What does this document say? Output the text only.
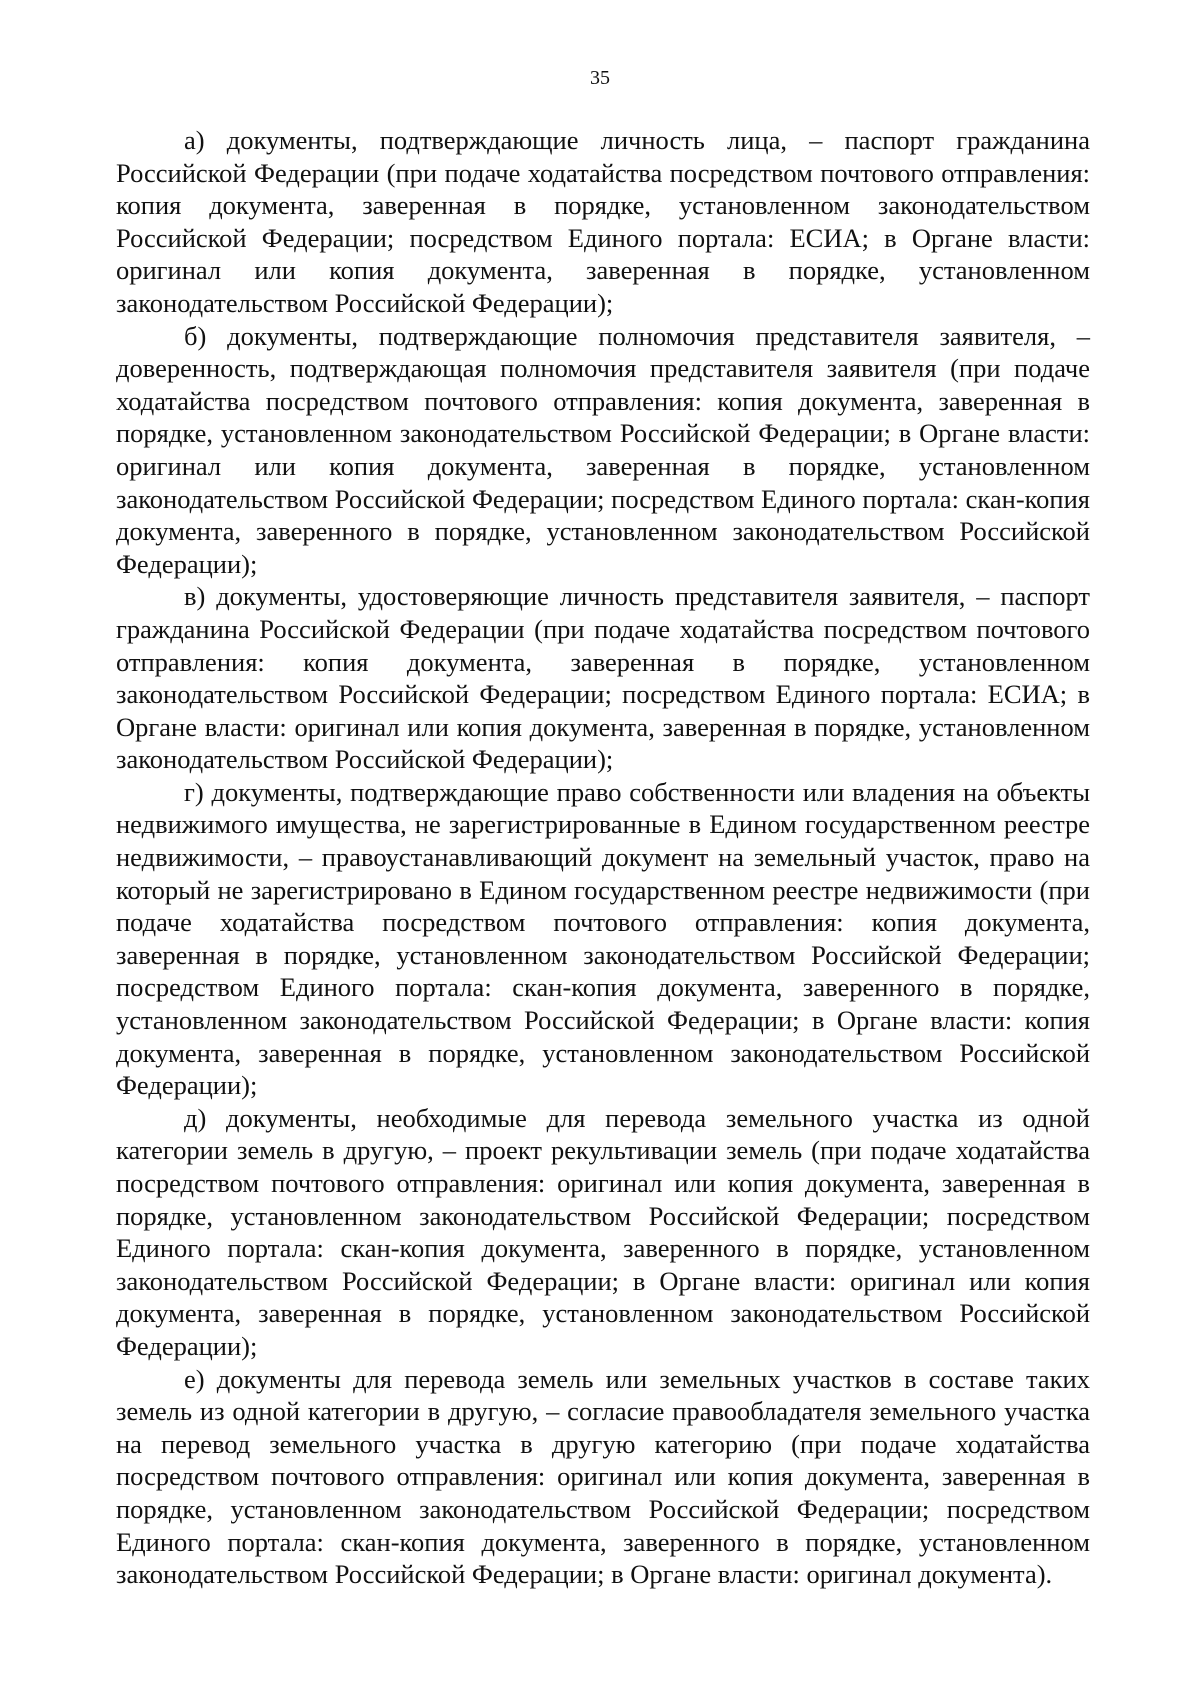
35

а) документы, подтверждающие личность лица, – паспорт гражданина Российской Федерации (при подаче ходатайства посредством почтового отправления: копия документа, заверенная в порядке, установленном законодательством Российской Федерации; посредством Единого портала: ЕСИА; в Органе власти: оригинал или копия документа, заверенная в порядке, установленном законодательством Российской Федерации);

б) документы, подтверждающие полномочия представителя заявителя, – доверенность, подтверждающая полномочия представителя заявителя (при подаче ходатайства посредством почтового отправления: копия документа, заверенная в порядке, установленном законодательством Российской Федерации; в Органе власти: оригинал или копия документа, заверенная в порядке, установленном законодательством Российской Федерации; посредством Единого портала: скан-копия документа, заверенного в порядке, установленном законодательством Российской Федерации);

в) документы, удостоверяющие личность представителя заявителя, – паспорт гражданина Российской Федерации (при подаче ходатайства посредством почтового отправления: копия документа, заверенная в порядке, установленном законодательством Российской Федерации; посредством Единого портала: ЕСИА; в Органе власти: оригинал или копия документа, заверенная в порядке, установленном законодательством Российской Федерации);

г) документы, подтверждающие право собственности или владения на объекты недвижимого имущества, не зарегистрированные в Едином государственном реестре недвижимости, – правоустанавливающий документ на земельный участок, право на который не зарегистрировано в Едином государственном реестре недвижимости (при подаче ходатайства посредством почтового отправления: копия документа, заверенная в порядке, установленном законодательством Российской Федерации; посредством Единого портала: скан-копия документа, заверенного в порядке, установленном законодательством Российской Федерации; в Органе власти: копия документа, заверенная в порядке, установленном законодательством Российской Федерации);

д) документы, необходимые для перевода земельного участка из одной категории земель в другую, – проект рекультивации земель (при подаче ходатайства посредством почтового отправления: оригинал или копия документа, заверенная в порядке, установленном законодательством Российской Федерации; посредством Единого портала: скан-копия документа, заверенного в порядке, установленном законодательством Российской Федерации; в Органе власти: оригинал или копия документа, заверенная в порядке, установленном законодательством Российской Федерации);

е) документы для перевода земель или земельных участков в составе таких земель из одной категории в другую, – согласие правообладателя земельного участка на перевод земельного участка в другую категорию (при подаче ходатайства посредством почтового отправления: оригинал или копия документа, заверенная в порядке, установленном законодательством Российской Федерации; посредством Единого портала: скан-копия документа, заверенного в порядке, установленном законодательством Российской Федерации; в Органе власти: оригинал документа).
